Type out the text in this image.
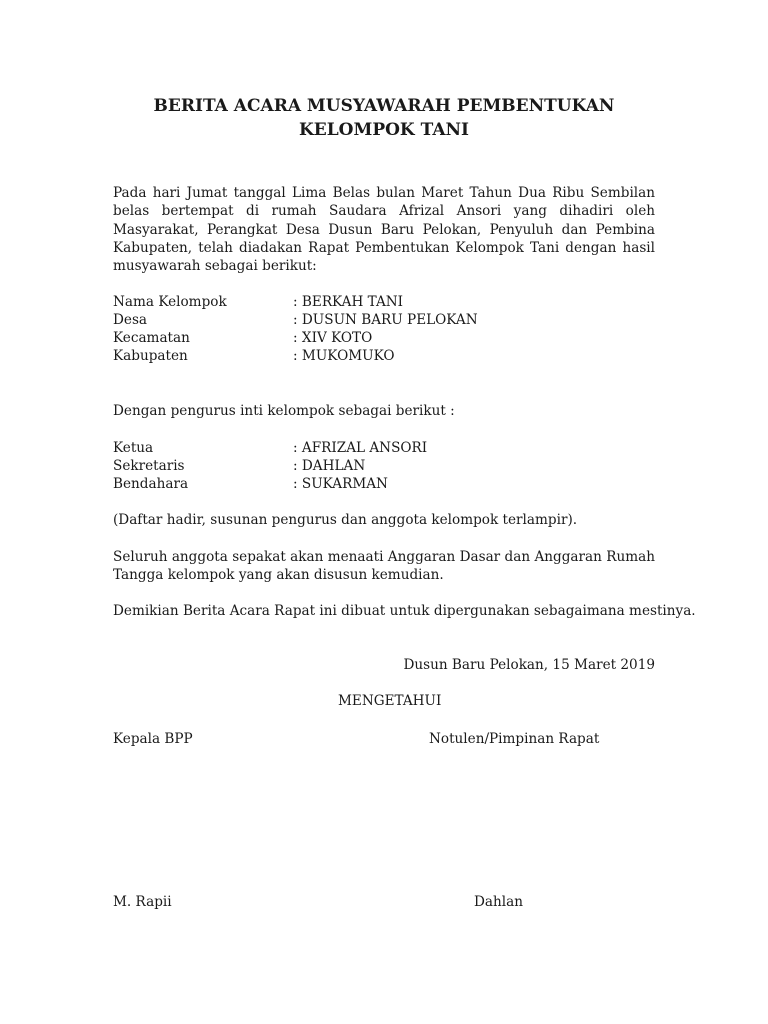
BERITA ACARA MUSYAWARAH PEMBENTUKAN
KELOMPOK TANI

Pada hari Jumat tanggal Lima Belas bulan Maret Tahun Dua Ribu Sembilan belas bertempat di rumah Saudara Afrizal Ansori yang dihadiri oleh Masyarakat, Perangkat Desa Dusun Baru Pelokan, Penyuluh dan Pembina Kabupaten, telah diadakan Rapat Pembentukan Kelompok Tani dengan hasil musyawarah sebagai berikut:

Nama Kelompok	: BERKAH TANI
Desa	: DUSUN BARU PELOKAN
Kecamatan	: XIV KOTO
Kabupaten	: MUKOMUKO
Dengan pengurus inti kelompok sebagai berikut :
Ketua	: AFRIZAL ANSORI
Sekretaris	: DAHLAN
Bendahara	: SUKARMAN
(Daftar hadir, susunan pengurus dan anggota kelompok terlampir).

Seluruh anggota sepakat akan menaati Anggaran Dasar dan Anggaran Rumah Tangga kelompok yang akan disusun kemudian.

Demikian Berita Acara Rapat ini dibuat untuk dipergunakan sebagaimana mestinya.
Dusun Baru Pelokan, 15 Maret 2019
MENGETAHUI
Kepala BPP	Notulen/Pimpinan Rapat
M. Rapii	Dahlan
